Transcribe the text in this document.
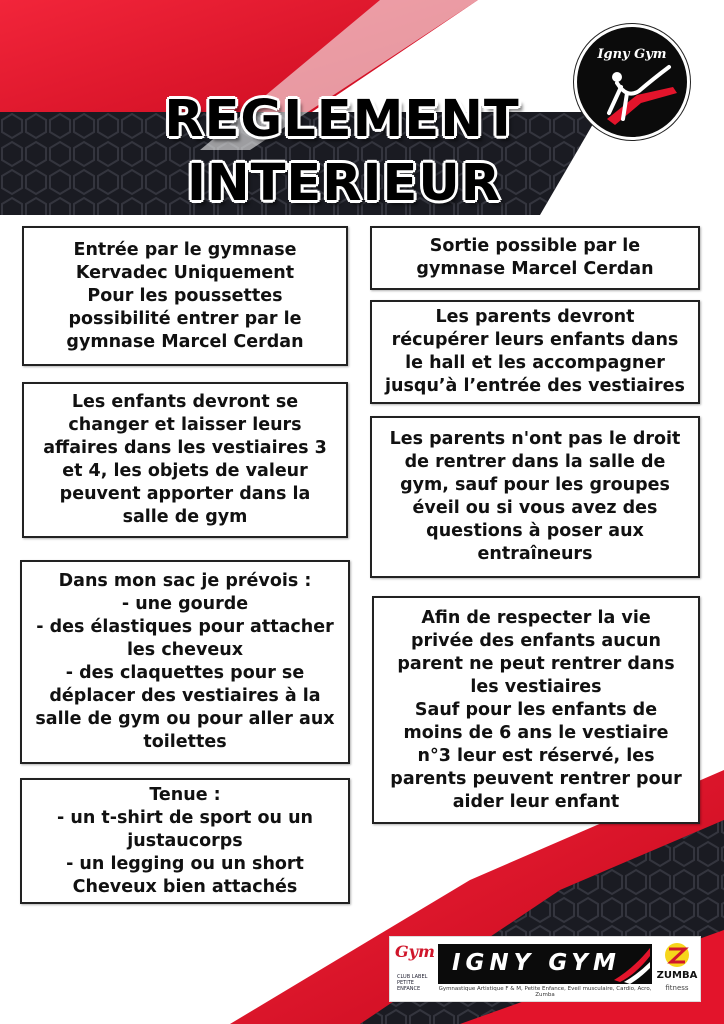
Igny Gym
REGLEMENT
INTERIEUR

Entrée par le gymnase
Kervadec Uniquement
Pour les poussettes
possibilité entrer par le
gymnase Marcel Cerdan

Les enfants devront se
changer et laisser leurs
affaires dans les vestiaires 3
et 4, les objets de valeur
peuvent apporter dans la
salle de gym

Dans mon sac je prévois :
- une gourde
- des élastiques pour attacher
les cheveux
- des claquettes pour se
déplacer des vestiaires à la
salle de gym ou pour aller aux
toilettes

Tenue :
- un t-shirt de sport ou un
justaucorps
- un legging ou un short
Cheveux bien attachés

Sortie possible par le
gymnase Marcel Cerdan

Les parents devront
récupérer leurs enfants dans
le hall et les accompagner
jusqu’à l’entrée des vestiaires

Les parents n'ont pas le droit
de rentrer dans la salle de
gym, sauf pour les groupes
éveil ou si vous avez des
questions à poser aux
entraîneurs

Afin de respecter la vie
privée des enfants aucun
parent ne peut rentrer dans
les vestiaires
Sauf pour les enfants de
moins de 6 ans le vestiaire
n°3 leur est réservé, les
parents peuvent rentrer pour
aider leur enfant

Gym
CLUB LABEL
PETITE
ENFANCE
IGNY GYM
Gymnastique Artistique F & M, Petite Enfance, Eveil musculaire, Cardio, Acro, Zumba
ZUMBA
fitness
